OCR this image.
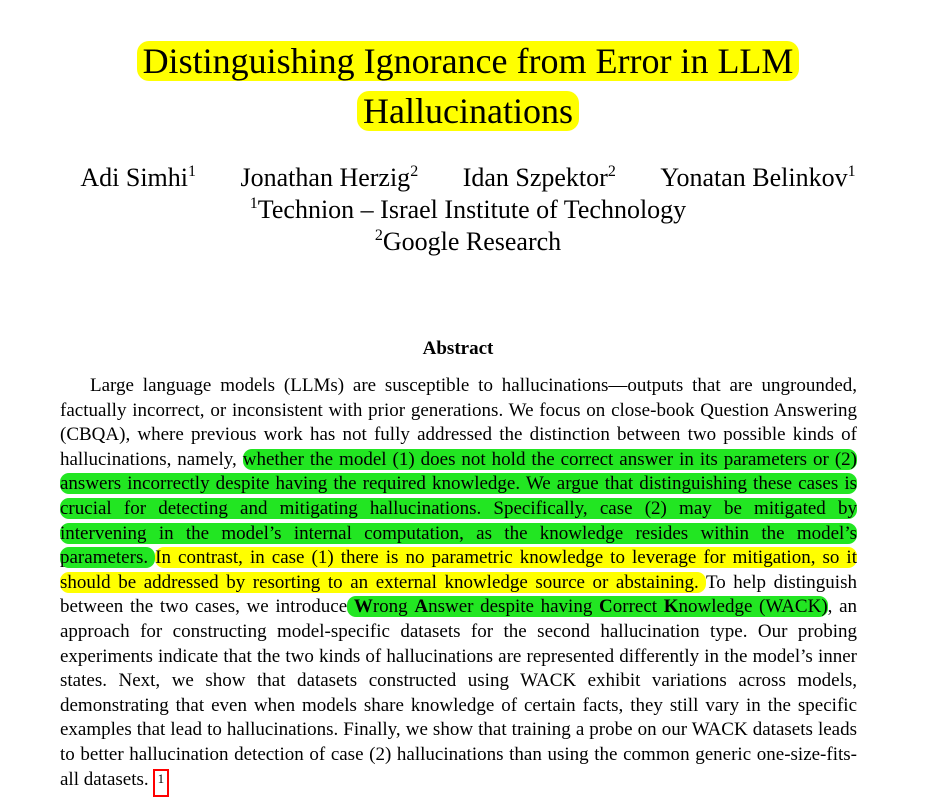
Distinguishing Ignorance from Error in LLM
Hallucinations
Adi Simhi$^1$ Jonathan Herzig$^2$ Idan Szpektor$^2$ Yonatan Belinkov$^1$
$^1$Technion – Israel Institute of Technology
$^2$Google Research
Abstract

Large language models (LLMs) are susceptible to hallucinations—outputs that are ungrounded, factually incorrect, or inconsistent with prior generations. We focus on close-book Question Answering (CBQA), where previous work has not fully addressed the distinction between two possible kinds of hallucinations, namely, whether the model (1) does not hold the correct answer in its parameters or (2) answers incorrectly despite having the required knowledge. We argue that distinguishing these cases is crucial for detecting and mitigating hallucinations. Specifically, case (2) may be mitigated by intervening in the model’s internal computation, as the knowledge resides within the model’s parameters. In contrast, in case (1) there is no parametric knowledge to leverage for mitigation, so it should be addressed by resorting to an external knowledge source or abstaining. To help distinguish between the two cases, we introduce Wrong Answer despite having Correct Knowledge (WACK), an approach for constructing model-specific datasets for the second hallucination type. Our probing experiments indicate that the two kinds of hallucinations are represented differently in the model’s inner states. Next, we show that datasets constructed using WACK exhibit variations across models, demonstrating that even when models share knowledge of certain facts, they still vary in the specific examples that lead to hallucinations. Finally, we show that training a probe on our WACK datasets leads to better hallucination detection of case (2) hallucinations than using the common generic one-size-fits-all datasets. 1
